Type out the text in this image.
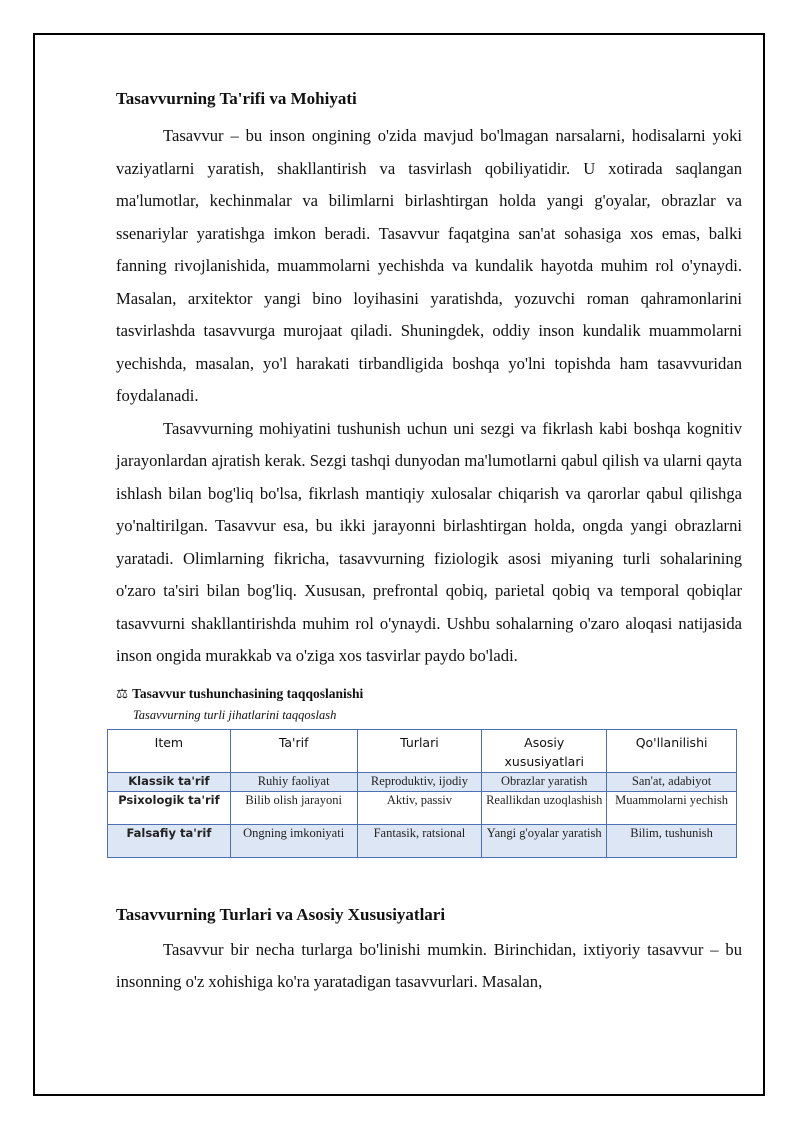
Tasavvurning Ta'rifi va Mohiyati

Tasavvur – bu inson ongining o'zida mavjud bo'lmagan narsalarni, hodisalarni yoki vaziyatlarni yaratish, shakllantirish va tasvirlash qobiliyatidir. U xotirada saqlangan ma'lumotlar, kechinmalar va bilimlarni birlashtirgan holda yangi g'oyalar, obrazlar va ssenariylar yaratishga imkon beradi. Tasavvur faqatgina san'at sohasiga xos emas, balki fanning rivojlanishida, muammolarni yechishda va kundalik hayotda muhim rol o'ynaydi. Masalan, arxitektor yangi bino loyihasini yaratishda, yozuvchi roman qahramonlarini tasvirlashda tasavvurga murojaat qiladi. Shuningdek, oddiy inson kundalik muammolarni yechishda, masalan, yo'l harakati tirbandligida boshqa yo'lni topishda ham tasavvuridan foydalanadi.

Tasavvurning mohiyatini tushunish uchun uni sezgi va fikrlash kabi boshqa kognitiv jarayonlardan ajratish kerak. Sezgi tashqi dunyodan ma'lumotlarni qabul qilish va ularni qayta ishlash bilan bog'liq bo'lsa, fikrlash mantiqiy xulosalar chiqarish va qarorlar qabul qilishga yo'naltirilgan. Tasavvur esa, bu ikki jarayonni birlashtirgan holda, ongda yangi obrazlarni yaratadi. Olimlarning fikricha, tasavvurning fiziologik asosi miyaning turli sohalarining o'zaro ta'siri bilan bog'liq. Xususan, prefrontal qobiq, parietal qobiq va temporal qobiqlar tasavvurni shakllantirishda muhim rol o'ynaydi. Ushbu sohalarning o'zaro aloqasi natijasida inson ongida murakkab va o'ziga xos tasvirlar paydo bo'ladi.

⚖ Tasavvur tushunchasining taqqoslanishi
Tasavvurning turli jihatlarini taqqoslash
Item	Ta'rif	Turlari	Asosiy xususiyatlari	Qo'llanilishi
Klassik ta'rif	Ruhiy faoliyat	Reproduktiv, ijodiy	Obrazlar yaratish	San'at, adabiyot
Psixologik ta'rif	Bilib olish jarayoni	Aktiv, passiv	Reallikdan uzoqlashish	Muammolarni yechish
Falsafiy ta'rif	Ongning imkoniyati	Fantasik, ratsional	Yangi g'oyalar yaratish	Bilim, tushunish
Tasavvurning Turlari va Asosiy Xususiyatlari

Tasavvur bir necha turlarga bo'linishi mumkin. Birinchidan, ixtiyoriy tasavvur – bu insonning o'z xohishiga ko'ra yaratadigan tasavvurlari. Masalan,
